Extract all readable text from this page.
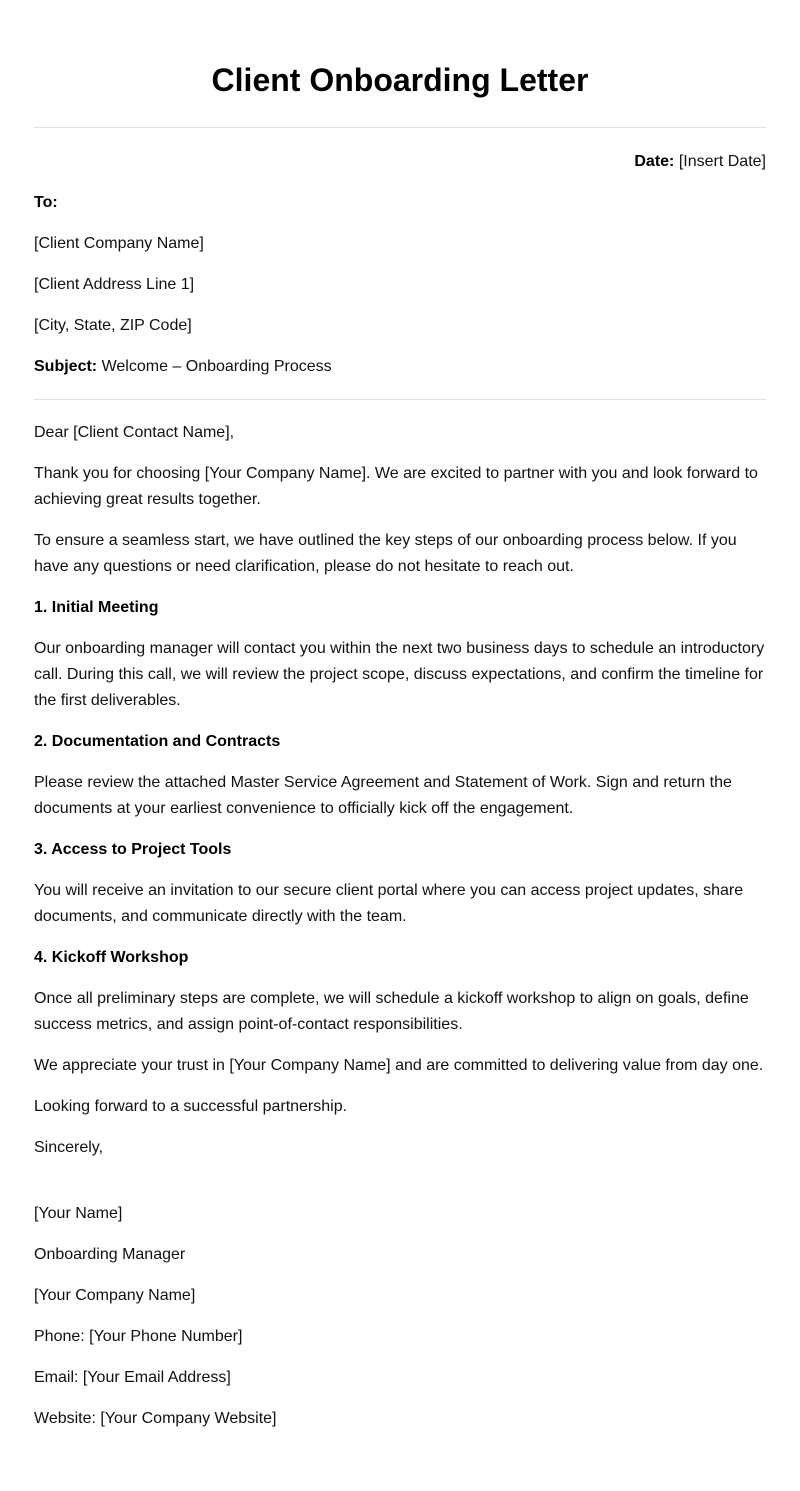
Client Onboarding Letter
Date: [Insert Date]

To:

[Client Company Name]

[Client Address Line 1]

[City, State, ZIP Code]

Subject: Welcome – Onboarding Process

Dear [Client Contact Name],

Thank you for choosing [Your Company Name]. We are excited to partner with you and look forward to achieving great results together.

To ensure a seamless start, we have outlined the key steps of our onboarding process below. If you have any questions or need clarification, please do not hesitate to reach out.

1. Initial Meeting

Our onboarding manager will contact you within the next two business days to schedule an introductory call. During this call, we will review the project scope, discuss expectations, and confirm the timeline for the first deliverables.

2. Documentation and Contracts

Please review the attached Master Service Agreement and Statement of Work. Sign and return the documents at your earliest convenience to officially kick off the engagement.

3. Access to Project Tools

You will receive an invitation to our secure client portal where you can access project updates, share documents, and communicate directly with the team.

4. Kickoff Workshop

Once all preliminary steps are complete, we will schedule a kickoff workshop to align on goals, define success metrics, and assign point-of-contact responsibilities.

We appreciate your trust in [Your Company Name] and are committed to delivering value from day one.

Looking forward to a successful partnership.

Sincerely,

[Your Name]

Onboarding Manager

[Your Company Name]

Phone: [Your Phone Number]

Email: [Your Email Address]

Website: [Your Company Website]
